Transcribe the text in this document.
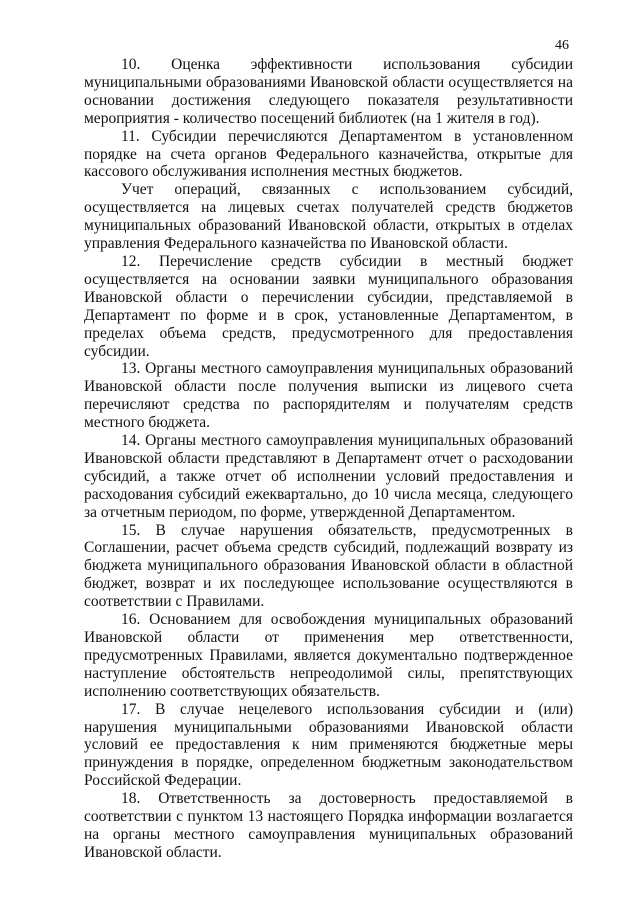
46

10. Оценка эффективности использования субсидии муниципальными образованиями Ивановской области осуществляется на основании достижения следующего показателя результативности мероприятия - количество посещений библиотек (на 1 жителя в год).

11. Субсидии перечисляются Департаментом в установленном порядке на счета органов Федерального казначейства, открытые для кассового обслуживания исполнения местных бюджетов.

Учет операций, связанных с использованием субсидий, осуществляется на лицевых счетах получателей средств бюджетов муниципальных образований Ивановской области, открытых в отделах управления Федерального казначейства по Ивановской области.

12. Перечисление средств субсидии в местный бюджет осуществляется на основании заявки муниципального образования Ивановской области о перечислении субсидии, представляемой в Департамент по форме и в срок, установленные Департаментом, в пределах объема средств, предусмотренного для предоставления субсидии.

13. Органы местного самоуправления муниципальных образований Ивановской области после получения выписки из лицевого счета перечисляют средства по распорядителям и получателям средств местного бюджета.

14. Органы местного самоуправления муниципальных образований Ивановской области представляют в Департамент отчет о расходовании субсидий, а также отчет об исполнении условий предоставления и расходования субсидий ежеквартально, до 10 числа месяца, следующего за отчетным периодом, по форме, утвержденной Департаментом.

15. В случае нарушения обязательств, предусмотренных в Соглашении, расчет объема средств субсидий, подлежащий возврату из бюджета муниципального образования Ивановской области в областной бюджет, возврат и их последующее использование осуществляются в соответствии с Правилами.

16. Основанием для освобождения муниципальных образований Ивановской области от применения мер ответственности, предусмотренных Правилами, является документально подтвержденное наступление обстоятельств непреодолимой силы, препятствующих исполнению соответствующих обязательств.

17. В случае нецелевого использования субсидии и (или) нарушения муниципальными образованиями Ивановской области условий ее предоставления к ним применяются бюджетные меры принуждения в порядке, определенном бюджетным законодательством Российской Федерации.

18. Ответственность за достоверность предоставляемой в соответствии с пунктом 13 настоящего Порядка информации возлагается на органы местного самоуправления муниципальных образований Ивановской области.
